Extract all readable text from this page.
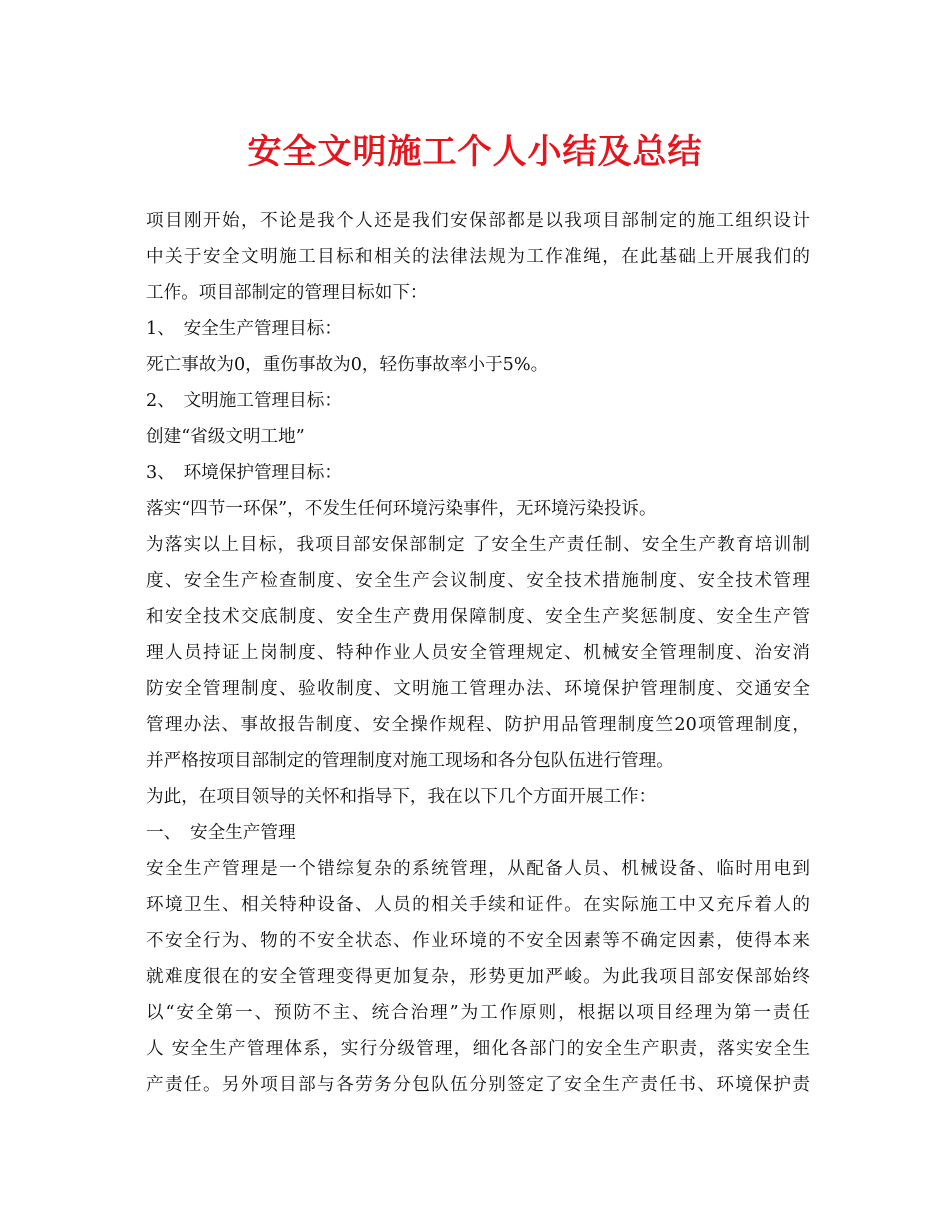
安全文明施工个人小结及总结
项目刚开始，不论是我个人还是我们安保部都是以我项目部制定的施工组织设计
中关于安全文明施工目标和相关的法律法规为工作准绳，在此基础上开展我们的
工作。项目部制定的管理目标如下：
1、　安全生产管理目标：
死亡事故为0，重伤事故为0，轻伤事故率小于5%。
2、　文明施工管理目标：
创建“省级文明工地”
3、　环境保护管理目标：
落实“四节一环保”，不发生任何环境污染事件，无环境污染投诉。
为落实以上目标，我项目部安保部制定 了安全生产责任制、安全生产教育培训制
度、安全生产检查制度、安全生产会议制度、安全技术措施制度、安全技术管理
和安全技术交底制度、安全生产费用保障制度、安全生产奖惩制度、安全生产管
理人员持证上岗制度、特种作业人员安全管理规定、机械安全管理制度、治安消
防安全管理制度、验收制度、文明施工管理办法、环境保护管理制度、交通安全
管理办法、事故报告制度、安全操作规程、防护用品管理制度竺20项管理制度，
并严格按项目部制定的管理制度对施工现场和各分包队伍进行管理。
为此，在项目领导的关怀和指导下，我在以下几个方面开展工作：
一、　安全生产管理
安全生产管理是一个错综复杂的系统管理，从配备人员、机械设备、临时用电到
环境卫生、相关特种设备、人员的相关手续和证件。在实际施工中又充斥着人的
不安全行为、物的不安全状态、作业环境的不安全因素等不确定因素，使得本来
就难度很在的安全管理变得更加复杂，形势更加严峻。为此我项目部安保部始终
以“安全第一、预防不主、统合治理”为工作原则，根据以项目经理为第一责任
人 安全生产管理体系，实行分级管理，细化各部门的安全生产职责，落实安全生
产责任。另外项目部与各劳务分包队伍分别签定了安全生产责任书、环境保护责
